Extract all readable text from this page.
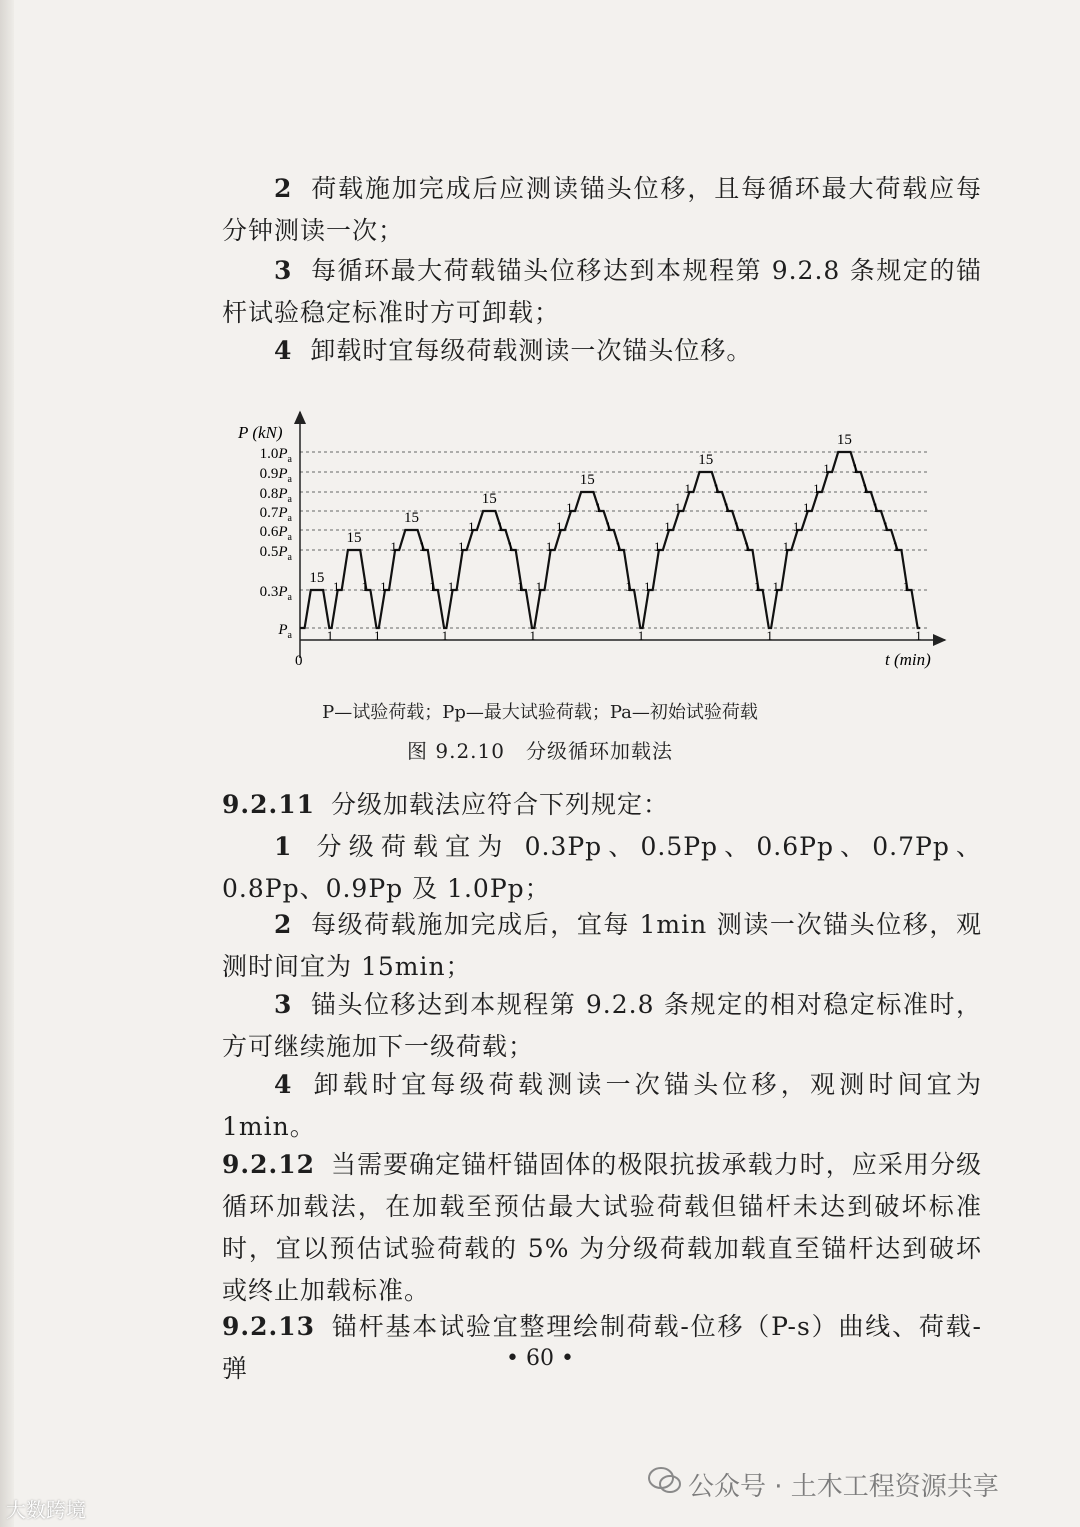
2 荷载施加完成后应测读锚头位移，且每循环最大荷载应每分钟测读一次；

3 每循环最大荷载锚头位移达到本规程第 9.2.8 条规定的锚杆试验稳定标准时方可卸载；

4 卸载时宜每级荷载测读一次锚头位移。

P (kN)
t (min)
0
$P_a$
$0.3P_a$
$0.5P_a$
$0.6P_a$
$0.7P_a$
$0.8P_a$
$0.9P_a$
$1.0P_a$
15
1
1
15
1
1
1
1
15
1
1
1
1
1
1
15
1
1
1
1
1
1
1
1
15
1
1
1
1
1
1
1
1
1
1
15
1
1
1
1
1
1
1
1
1
1
1
1
15
1
1
1
1
1
1
1
P—试验荷载；Pp—最大试验荷载；Pa—初始试验荷载
图 9.2.10　分级循环加载法

9.2.11 分级加载法应符合下列规定：

1 分级荷载宜为 0.3Pp、0.5Pp、0.6Pp、0.7Pp、0.8Pp、0.9Pp 及 1.0Pp；

2 每级荷载施加完成后，宜每 1min 测读一次锚头位移，观测时间宜为 15min；

3 锚头位移达到本规程第 9.2.8 条规定的相对稳定标准时，方可继续施加下一级荷载；

4 卸载时宜每级荷载测读一次锚头位移，观测时间宜为 1min。

9.2.12 当需要确定锚杆锚固体的极限抗拔承载力时，应采用分级循环加载法，在加载至预估最大试验荷载但锚杆未达到破坏标准时，宜以预估试验荷载的 5% 为分级荷载加载直至锚杆达到破坏或终止加载标准。

9.2.13 锚杆基本试验宜整理绘制荷载-位移（P-s）曲线、荷载-弹	• 60 •
公众号 · 土木工程资源共享
大数跨境
